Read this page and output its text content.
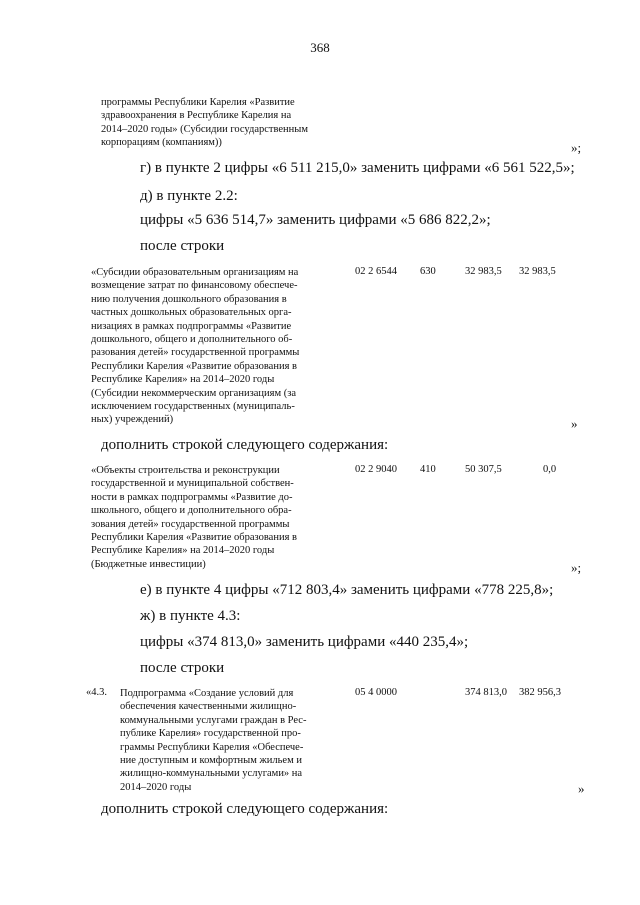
368
программы Республики Карелия «Развитие
здравоохранения в Республике Карелия на
2014–2020 годы» (Субсидии государственным
корпорациям (компаниям))	»;
г) в пункте 2 цифры «6 511 215,0» заменить цифрами «6 561 522,5»;
д) в пункте 2.2:
цифры «5 636 514,7» заменить цифрами «5 686 822,2»;
после строки
«Субсидии образовательным организациям на
возмещение затрат по финансовому обеспече-
нию получения дошкольного образования в
частных дошкольных образовательных орга-
низациях в рамках подпрограммы «Развитие
дошкольного, общего и дополнительного об-
разования детей» государственной программы
Республики Карелия «Развитие образования в
Республике Карелия» на 2014–2020 годы
(Субсидии некоммерческим организациям (за
исключением государственных (муниципаль-
ных) учреждений)
02 2 6544 630	32 983,5 32 983,5
»
дополнить строкой следующего содержания:
«Объекты строительства и реконструкции
государственной и муниципальной собствен-
ности в рамках подпрограммы «Развитие до-
школьного, общего и дополнительного обра-
зования детей» государственной программы
Республики Карелия «Развитие образования в
Республике Карелия» на 2014–2020 годы
(Бюджетные инвестиции)
02 2 9040 410	50 307,5	0,0
»;
е) в пункте 4 цифры «712 803,4» заменить цифрами «778 225,8»;
ж) в пункте 4.3:
цифры «374 813,0» заменить цифрами «440 235,4»;
после строки
«4.3. Подпрограмма «Создание условий для
обеспечения качественными жилищно-
коммунальными услугами граждан в Рес-
публике Карелия» государственной про-
граммы Республики Карелия «Обеспече-
ние доступным и комфортным жильем и
жилищно-коммунальными услугами» на
2014–2020 годы
05 4 0000	374 813,0 382 956,3
»
дополнить строкой следующего содержания:
